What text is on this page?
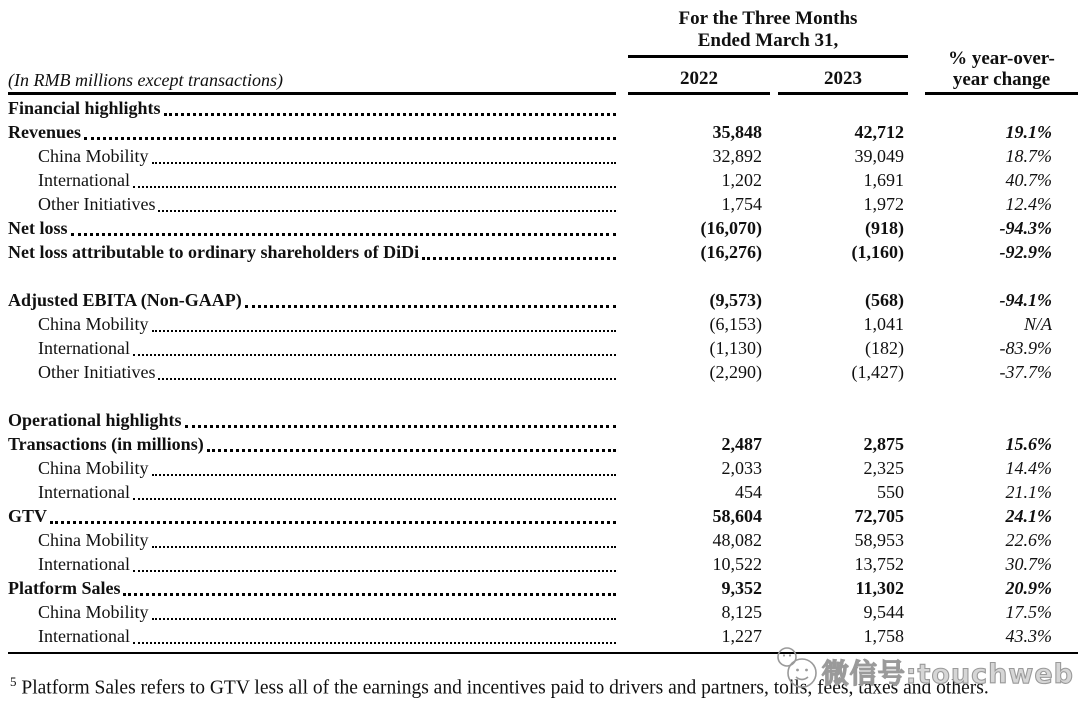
(In RMB millions except transactions)
For the Three Months
Ended March 31,
2022	2023
% year-over-
year change
Financial highlights
Revenues	35,848	42,712	19.1%
China Mobility	32,892	39,049	18.7%
International	1,202	1,691	40.7%
Other Initiatives	1,754	1,972	12.4%
Net loss	(16,070)	(918)	-94.3%
Net loss attributable to ordinary shareholders of DiDi	(16,276)	(1,160)	-92.9%
Adjusted EBITA (Non-GAAP)	(9,573)	(568)	-94.1%
China Mobility	(6,153)	1,041	N/A
International	(1,130)	(182)	-83.9%
Other Initiatives	(2,290)	(1,427)	-37.7%
Operational highlights
Transactions (in millions)	2,487	2,875	15.6%
China Mobility	2,033	2,325	14.4%
International	454	550	21.1%
GTV	58,604	72,705	24.1%
China Mobility	48,082	58,953	22.6%
International	10,522	13,752	30.7%
Platform Sales	9,352	11,302	20.9%
China Mobility	8,125	9,544	17.5%
International	1,227	1,758	43.3%
$^5$ Platform Sales refers to GTV less all of the earnings and incentives paid to drivers and partners, tolls, fees, taxes and others.
微信号:touchweb
